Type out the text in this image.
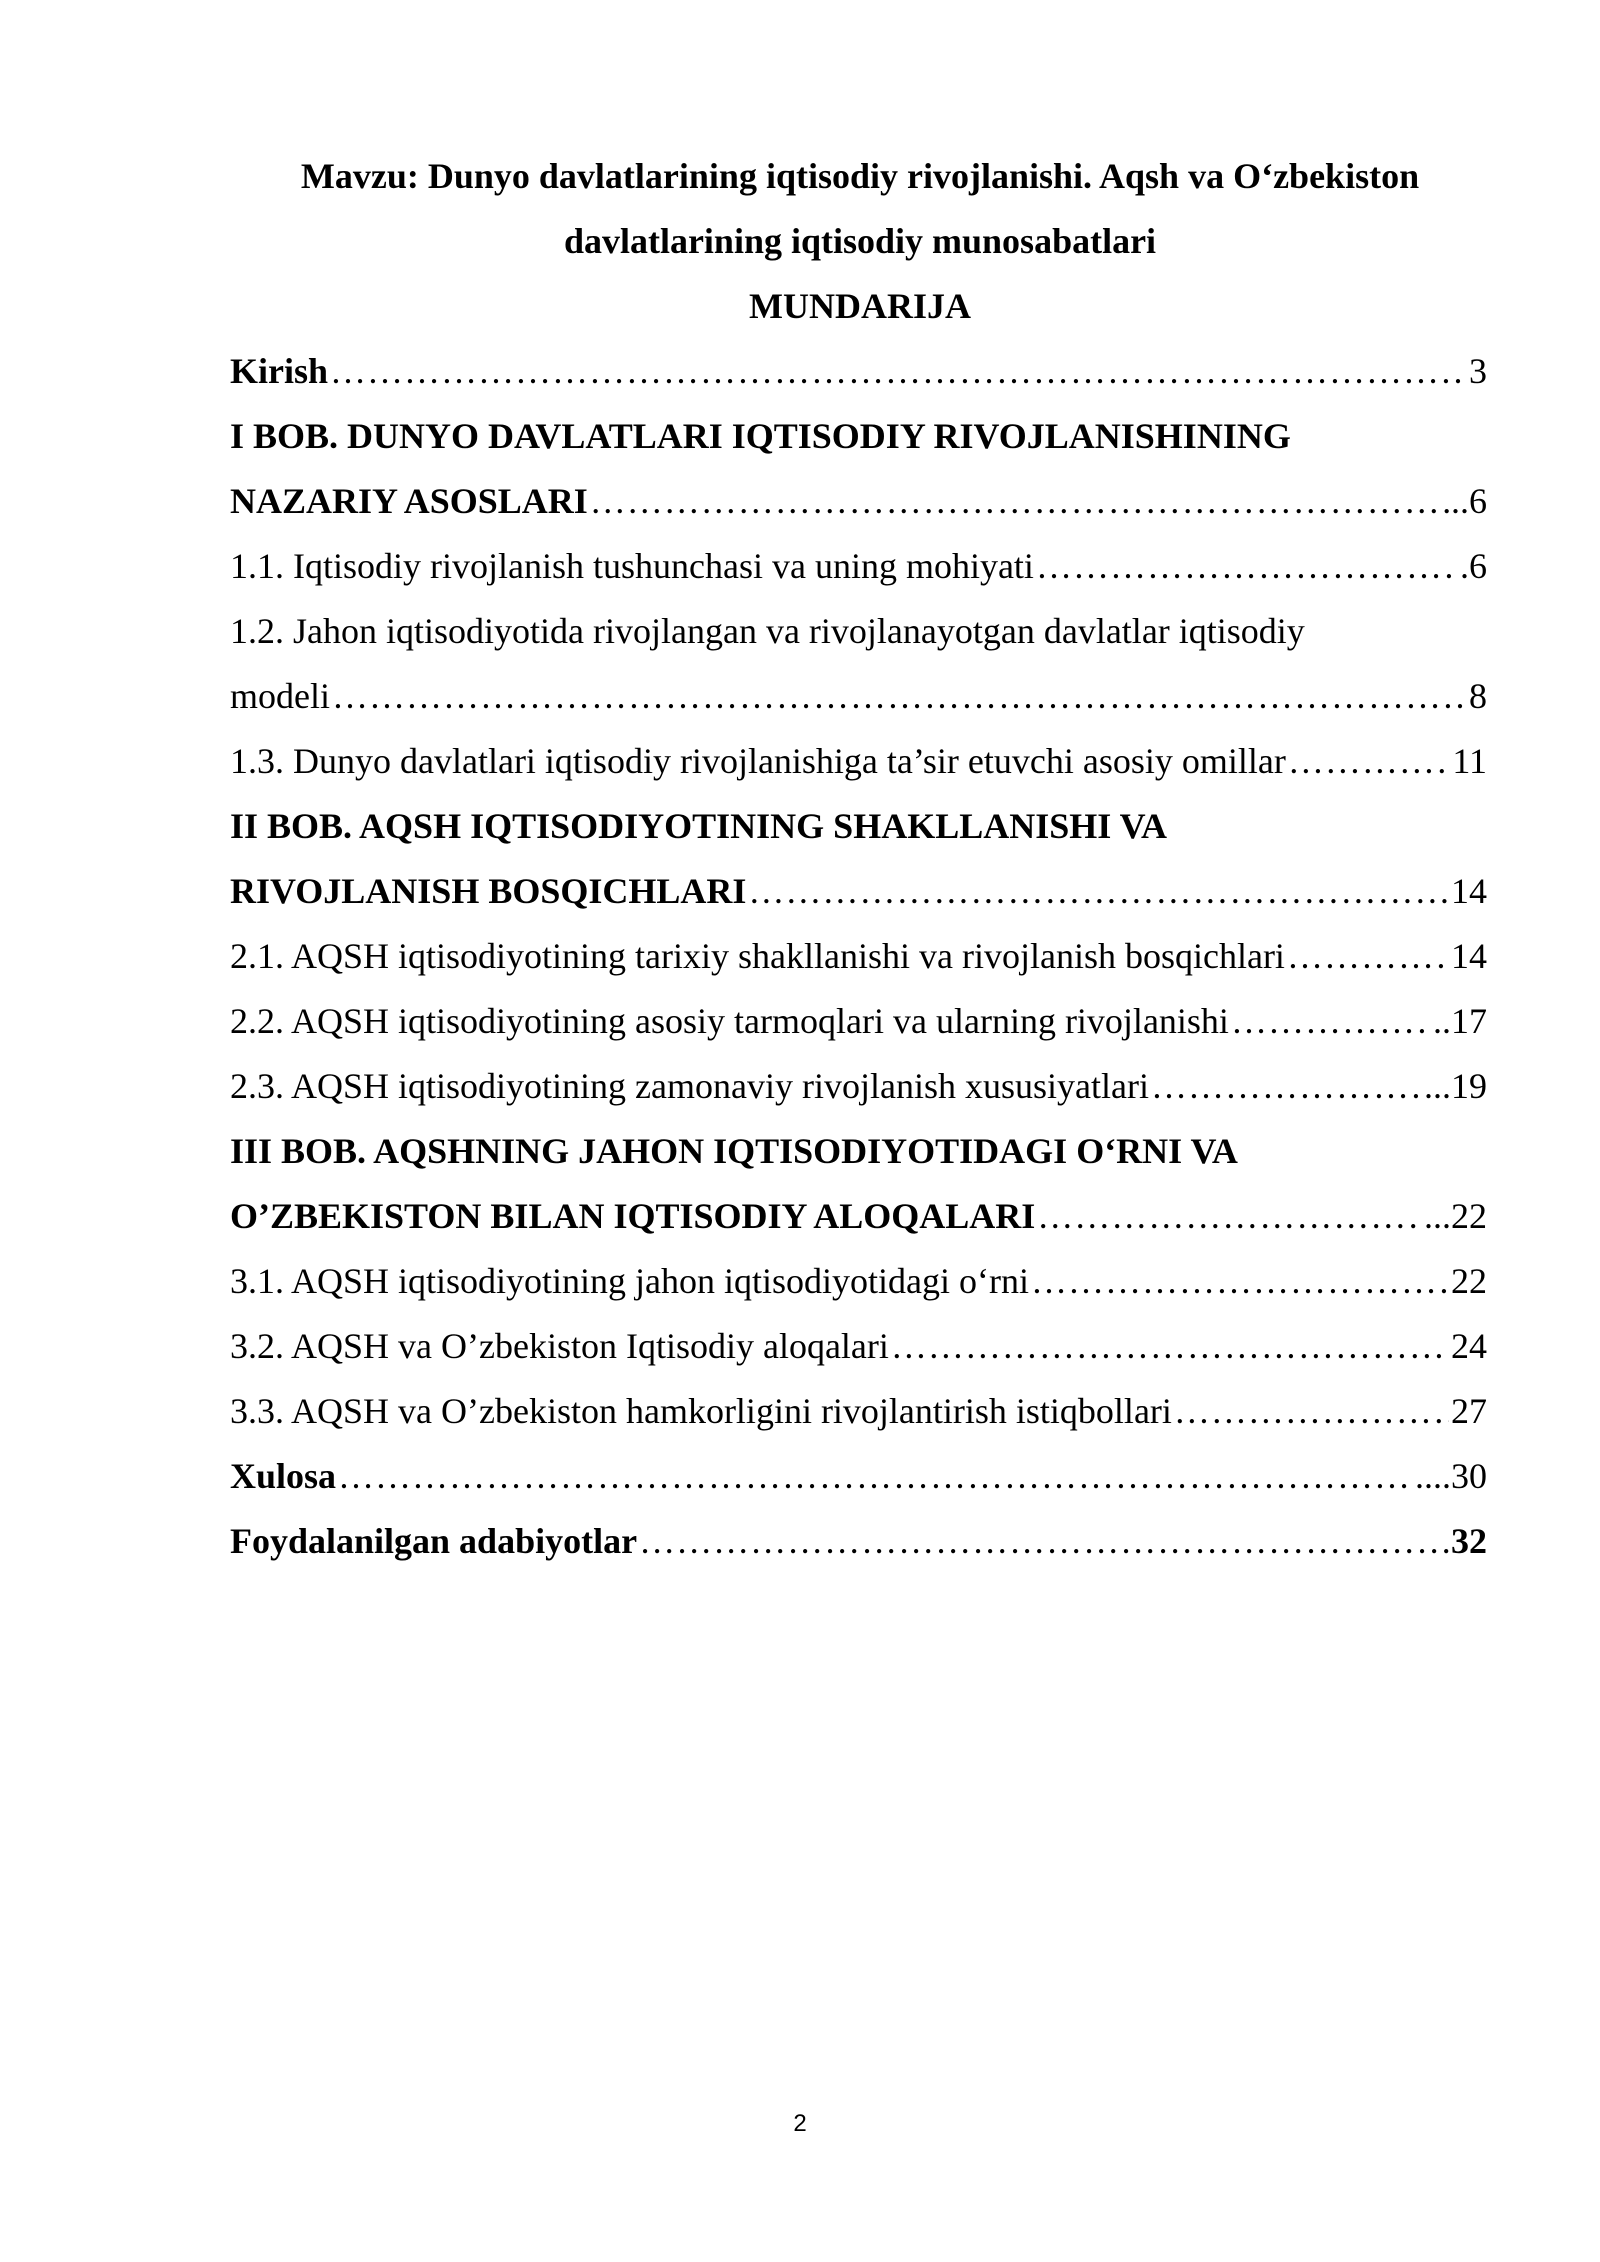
Mavzu: Dunyo davlatlarining iqtisodiy rivojlanishi. Aqsh va O‘zbekiston
davlatlarining iqtisodiy munosabatlari
MUNDARIJA
Kirish ……………………………………………………………………………………………………………………………………………………	3
I BOB. DUNYO DAVLATLARI IQTISODIY RIVOJLANISHINING
NAZARIY ASOSLARI ……………………………………………………………………………………………………………………………………………………	..6
1.1. Iqtisodiy rivojlanish tushunchasi va uning mohiyati ……………………………………………………………………………………………………………………………………………………	.6
1.2. Jahon iqtisodiyotida rivojlangan va rivojlanayotgan davlatlar iqtisodiy
modeli ……………………………………………………………………………………………………………………………………………………	8
1.3. Dunyo davlatlari iqtisodiy rivojlanishiga ta’sir etuvchi asosiy omillar ……………………………………………………………………………………………………………………………………………………	11
II BOB. AQSH IQTISODIYOTINING SHAKLLANISHI VA
RIVOJLANISH BOSQICHLARI ……………………………………………………………………………………………………………………………………………………	14
2.1. AQSH iqtisodiyotining tarixiy shakllanishi va rivojlanish bosqichlari ……………………………………………………………………………………………………………………………………………………	14
2.2. AQSH iqtisodiyotining asosiy tarmoqlari va ularning rivojlanishi ……………………………………………………………………………………………………………………………………………………	..17
2.3. AQSH iqtisodiyotining zamonaviy rivojlanish xususiyatlari ……………………………………………………………………………………………………………………………………………………	...19
III BOB. AQSHNING JAHON IQTISODIYOTIDAGI O‘RNI VA
O’ZBEKISTON BILAN IQTISODIY ALOQALARI ……………………………………………………………………………………………………………………………………………………	...22
3.1. AQSH iqtisodiyotining jahon iqtisodiyotidagi o‘rni ……………………………………………………………………………………………………………………………………………………	22
3.2. AQSH va O’zbekiston Iqtisodiy aloqalari ……………………………………………………………………………………………………………………………………………………	24
3.3. AQSH va O’zbekiston hamkorligini rivojlantirish istiqbollari ……………………………………………………………………………………………………………………………………………………	27
Xulosa ……………………………………………………………………………………………………………………………………………………	....30
Foydalanilgan adabiyotlar ……………………………………………………………………………………………………………………………………………………	32
2
